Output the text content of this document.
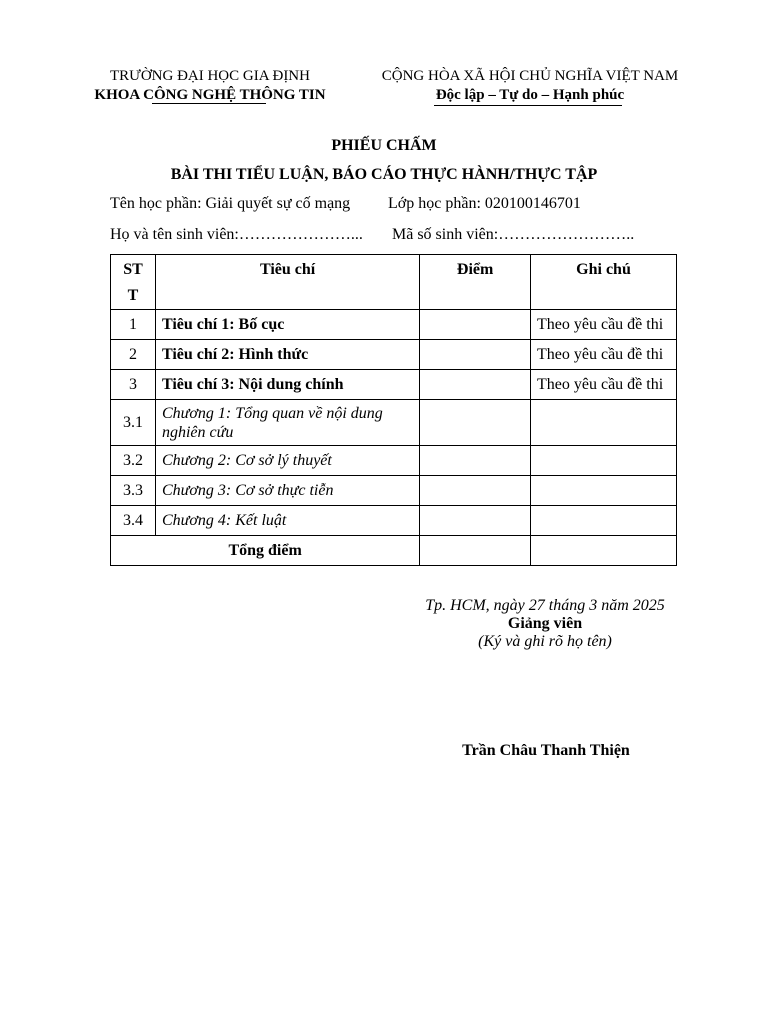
TRƯỜNG ĐẠI HỌC GIA ĐỊNH
KHOA CÔNG NGHỆ THÔNG TIN
CỘNG HÒA XÃ HỘI CHỦ NGHĨA VIỆT NAM
Độc lập – Tự do – Hạnh phúc
PHIẾU CHẤM
BÀI THI TIỂU LUẬN, BÁO CÁO THỰC HÀNH/THỰC TẬP
Tên học phần: Giải quyết sự cố mạng Lớp học phần: 020100146701
Họ và tên sinh viên:…………………... Mã số sinh viên:……………………..
ST
T	Tiêu chí	Điểm	Ghi chú
1	Tiêu chí 1: Bố cục		Theo yêu cầu đề thi
2	Tiêu chí 2: Hình thức		Theo yêu cầu đề thi
3	Tiêu chí 3: Nội dung chính		Theo yêu cầu đề thi
3.1	Chương 1: Tổng quan về nội dung nghiên cứu		
3.2	Chương 2: Cơ sở lý thuyết		
3.3	Chương 3: Cơ sở thực tiễn		
3.4	Chương 4: Kết luật		
Tổng điểm			
Tp. HCM, ngày 27 tháng 3 năm 2025
Giảng viên
(Ký và ghi rõ họ tên)
Trần Châu Thanh Thiện
